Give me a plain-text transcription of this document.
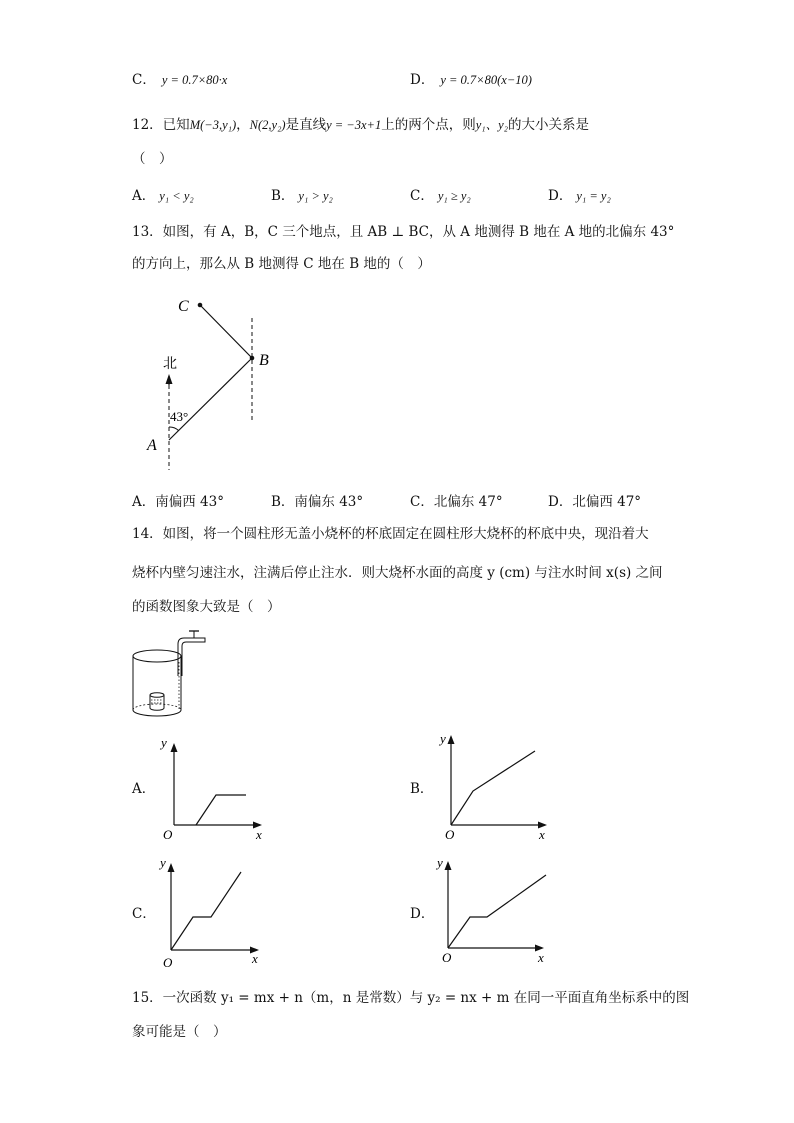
C． y = 0.7×80·x	D． y = 0.7×80(x−10)
12．已知M(−3,y₁)，N(2,y₂)是直线y = −3x+1上的两个点，则y₁、y₂的大小关系是
（　）
A． y₁ < y₂	B． y₁ > y₂	C． y₁ ≥ y₂	D． y₁ = y₂
13．如图，有 A，B，C 三个地点，且 AB ⊥ BC，从 A 地测得 B 地在 A 地的北偏东 43°
的方向上，那么从 B 地测得 C 地在 B 地的（　）
C
B
A
北
43°
A．南偏西 43°	B．南偏东 43°	C．北偏东 47°	D．北偏西 47°
14．如图，将一个圆柱形无盖小烧杯的杯底固定在圆柱形大烧杯的杯底中央，现沿着大
烧杯内壁匀速注水，注满后停止注水．则大烧杯水面的高度 y (cm) 与注水时间 x(s) 之间
的函数图象大致是（　）
A．
y
x
O
B．
y
x
O
C．
y
x
O
D．
y
x
O
15．一次函数 y₁ = mx + n（m，n 是常数）与 y₂ = nx + m 在同一平面直角坐标系中的图
象可能是（　）
